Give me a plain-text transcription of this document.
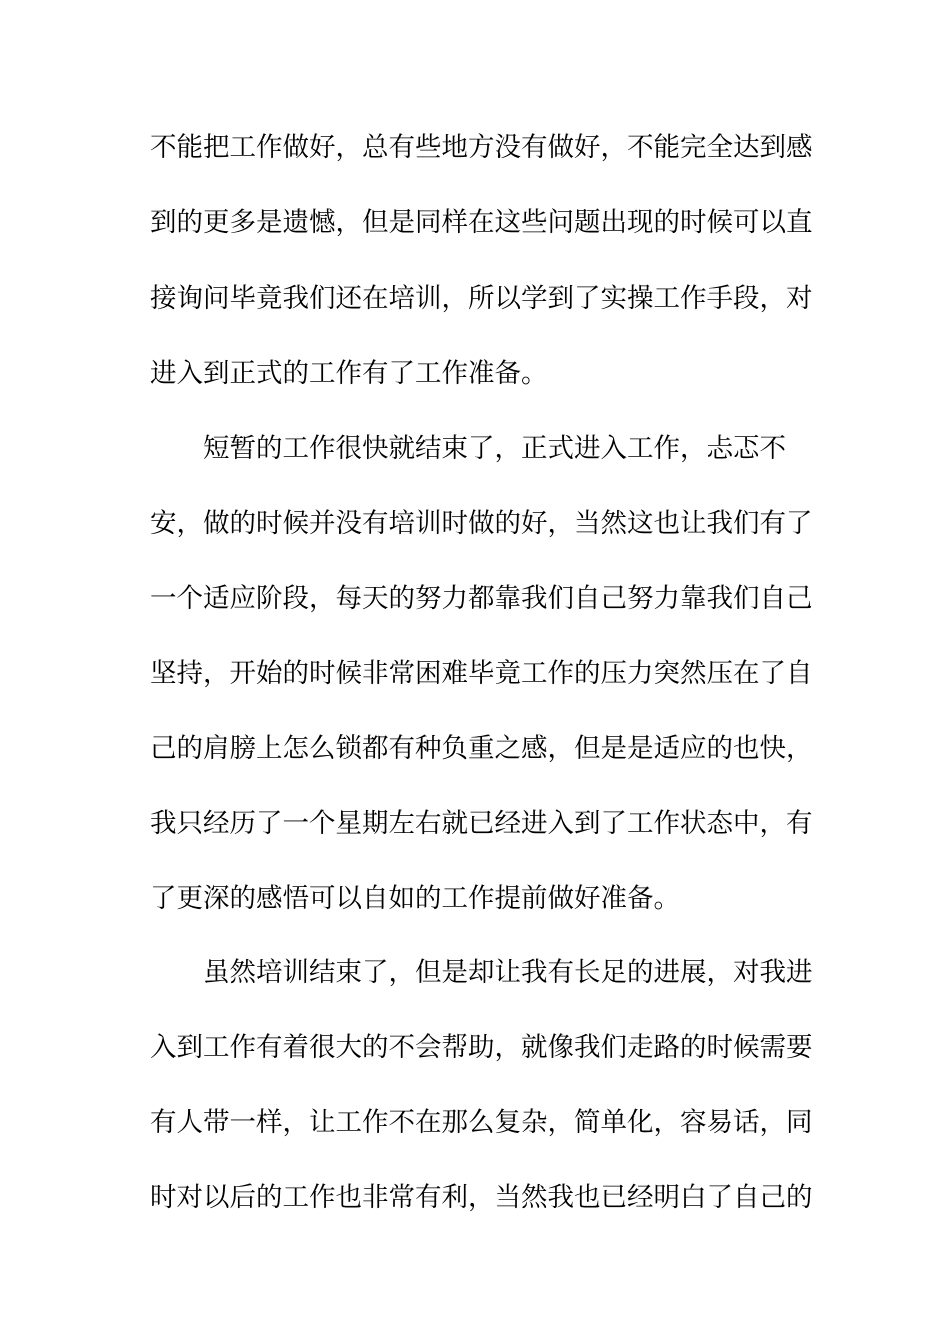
不能把工作做好，总有些地方没有做好，不能完全达到感
到的更多是遗憾，但是同样在这些问题出现的时候可以直
接询问毕竟我们还在培训，所以学到了实操工作手段，对
进入到正式的工作有了工作准备。
短暂的工作很快就结束了，正式进入工作，忐忑不
安，做的时候并没有培训时做的好，当然这也让我们有了
一个适应阶段，每天的努力都靠我们自己努力靠我们自己
坚持，开始的时候非常困难毕竟工作的压力突然压在了自
己的肩膀上怎么锁都有种负重之感，但是是适应的也快，
我只经历了一个星期左右就已经进入到了工作状态中，有
了更深的感悟可以自如的工作提前做好准备。
虽然培训结束了，但是却让我有长足的进展，对我进
入到工作有着很大的不会帮助，就像我们走路的时候需要
有人带一样，让工作不在那么复杂，简单化，容易话，同
时对以后的工作也非常有利，当然我也已经明白了自己的
